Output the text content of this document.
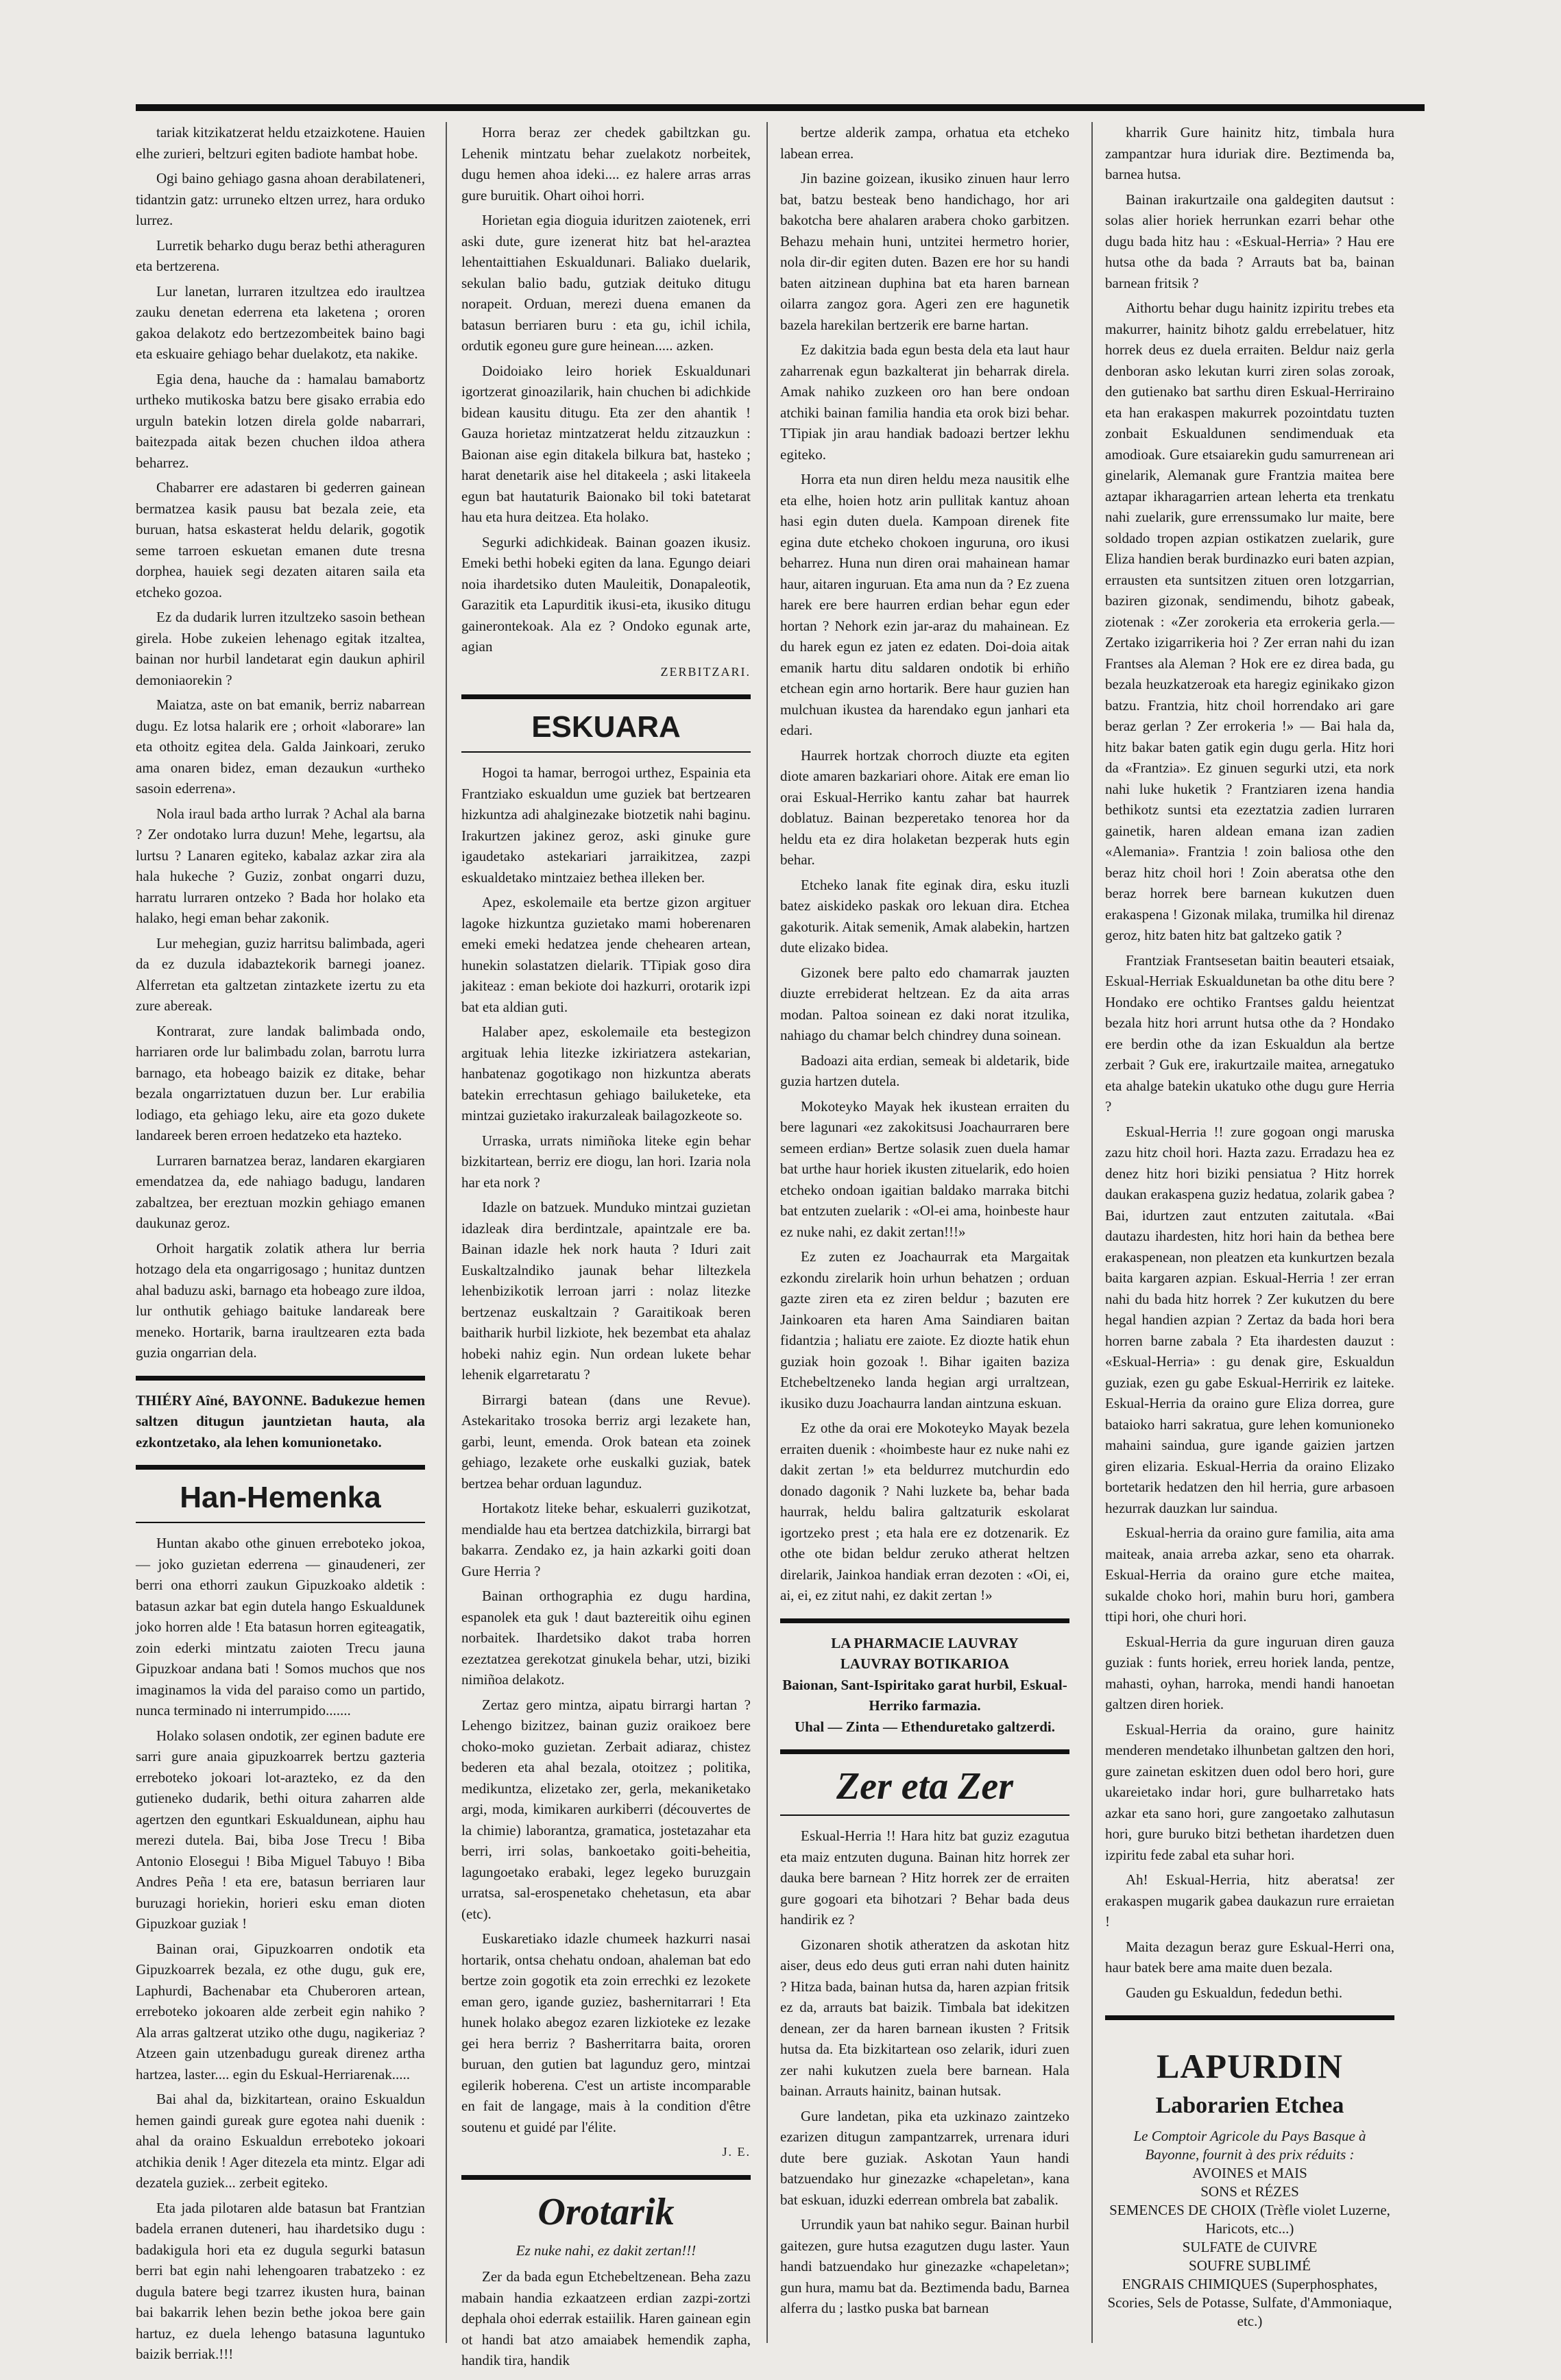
tariak kitzikatzerat heldu etzaizkotene. Hauien elhe zurieri, beltzuri egiten badiote hambat hobe.

Ogi baino gehiago gasna ahoan derabilateneri, tidantzin gatz: urruneko eltzen urrez, hara orduko lurrez.

Lurretik beharko dugu beraz bethi atheraguren eta bertzerena.

Lur lanetan, lurraren itzultzea edo iraultzea zauku denetan ederrena eta laketena ; ororen gakoa delakotz edo bertzezombeitek baino bagi eta eskuaire gehiago behar duelakotz, eta nakike.

Egia dena, hauche da : hamalau bamabortz urtheko mutikoska batzu bere gisako errabia edo urguln batekin lotzen direla golde nabarrari, baitezpada aitak bezen chuchen ildoa athera beharrez.

Chabarrer ere adastaren bi gederren gainean bermatzea kasik pausu bat bezala zeie, eta buruan, hatsa eskasterat heldu delarik, gogotik seme tarroen eskuetan emanen dute tresna dorphea, hauiek segi dezaten aitaren saila eta etcheko gozoa.

Ez da dudarik lurren itzultzeko sasoin bethean girela. Hobe zukeien lehenago egitak itzaltea, bainan nor hurbil landetarat egin daukun aphiril demoniaorekin ?

Maiatza, aste on bat emanik, berriz nabarrean dugu. Ez lotsa halarik ere ; orhoit «laborare» lan eta othoitz egitea dela. Galda Jainkoari, zeruko ama onaren bidez, eman dezaukun «urtheko sasoin ederrena».

Nola iraul bada artho lurrak ? Achal ala barna ? Zer ondotako lurra duzun! Mehe, legartsu, ala lurtsu ? Lanaren egiteko, kabalaz azkar zira ala hala hukeche ? Guziz, zonbat ongarri duzu, harratu lurraren ontzeko ? Bada hor holako eta halako, hegi eman behar zakonik.

Lur mehegian, guziz harritsu balimbada, ageri da ez duzula idabaztekorik barnegi joanez. Alferretan eta galtzetan zintazkete izertu zu eta zure abereak.

Kontrarat, zure landak balimbada ondo, harriaren orde lur balimbadu zolan, barrotu lurra barnago, eta hobeago baizik ez ditake, behar bezala ongarriztatuen duzun ber. Lur erabilia lodiago, eta gehiago leku, aire eta gozo dukete landareek beren erroen hedatzeko eta hazteko.

Lurraren barnatzea beraz, landaren ekargiaren emendatzea da, ede nahiago badugu, landaren zabaltzea, ber ereztuan mozkin gehiago emanen daukunaz geroz.

Orhoit hargatik zolatik athera lur berria hotzago dela eta ongarrigosago ; hunitaz duntzen ahal baduzu aski, barnago eta hobeago zure ildoa, lur onthutik gehiago baituke landareak bere meneko. Hortarik, barna iraultzearen ezta bada guzia ongarrian dela.

THIÉRY Aîné, BAYONNE. Badukezue hemen saltzen ditugun jauntzietan hauta, ala ezkontzetako, ala lehen komunionetako.

Han-Hemenka

Huntan akabo othe ginuen erreboteko jokoa, — joko guzietan ederrena — ginaudeneri, zer berri ona ethorri zaukun Gipuzkoako aldetik : batasun azkar bat egin dutela hango Eskualdunek joko horren alde ! Eta batasun horren egiteagatik, zoin ederki mintzatu zaioten Trecu jauna Gipuzkoar andana bati ! Somos muchos que nos imaginamos la vida del paraiso como un partido, nunca terminado ni interrumpido.......

Holako solasen ondotik, zer eginen badute ere sarri gure anaia gipuzkoarrek bertzu gazteria erreboteko jokoari lot-arazteko, ez da den gutieneko dudarik, bethi oitura zaharren alde agertzen den eguntkari Eskualdunean, aiphu hau merezi dutela. Bai, biba Jose Trecu ! Biba Antonio Elosegui ! Biba Miguel Tabuyo ! Biba Andres Peña ! eta ere, batasun berriaren laur buruzagi horiekin, horieri esku eman dioten Gipuzkoar guziak !

Bainan orai, Gipuzkoarren ondotik eta Gipuzkoarrek bezala, ez othe dugu, guk ere, Laphurdi, Bachenabar eta Chuberoren artean, erreboteko jokoaren alde zerbeit egin nahiko ? Ala arras galtzerat utziko othe dugu, nagikeriaz ? Atzeen gain utzenbadugu gureak direnez artha hartzea, laster.... egin du Eskual-Herriarenak.....

Bai ahal da, bizkitartean, oraino Eskualdun hemen gaindi gureak gure egotea nahi duenik : ahal da oraino Eskualdun erreboteko jokoari atchikia denik ! Ager ditezela eta mintz. Elgar adi dezatela guziek... zerbeit egiteko.

Eta jada pilotaren alde batasun bat Frantzian badela erranen duteneri, hau ihardetsiko dugu : badakigula hori eta ez dugula segurki batasun berri bat egin nahi lehengoaren trabatzeko : ez dugula batere begi tzarrez ikusten hura, bainan bai bakarrik lehen bezin bethe jokoa bere gain hartuz, ez duela lehengo batasuna laguntuko baizik berriak.!!!

Horra beraz zer chedek gabiltzkan gu. Lehenik mintzatu behar zuelakotz norbeitek, dugu hemen ahoa ideki.... ez halere arras arras gure buruitik. Ohart oihoi horri.

Horietan egia dioguia iduritzen zaiotenek, erri aski dute, gure izenerat hitz bat hel-araztea lehentaittiahen Eskualdunari. Baliako duelarik, sekulan balio badu, gutziak deituko ditugu norapeit. Orduan, merezi duena emanen da batasun berriaren buru : eta gu, ichil ichila, ordutik egoneu gure gure heinean..... azken.

Doidoiako leiro horiek Eskualdunari igortzerat ginoazilarik, hain chuchen bi adichkide bidean kausitu ditugu. Eta zer den ahantik ! Gauza horietaz mintzatzerat heldu zitzauzkun : Baionan aise egin ditakela bilkura bat, hasteko ; harat denetarik aise hel ditakeela ; aski litakeela egun bat hautaturik Baionako bil toki batetarat hau eta hura deitzea. Eta holako.

Segurki adichkideak. Bainan goazen ikusiz. Emeki bethi hobeki egiten da lana. Egungo deiari noia ihardetsiko duten Mauleitik, Donapaleotik, Garazitik eta Lapurditik ikusi-eta, ikusiko ditugu gainerontekoak. Ala ez ? Ondoko egunak arte, agian

ZERBITZARI.

ESKUARA

Hogoi ta hamar, berrogoi urthez, Espainia eta Frantziako eskualdun ume guziek bat bertzearen hizkuntza adi ahalginezake biotzetik nahi baginu. Irakurtzen jakinez geroz, aski ginuke gure igaudetako astekariari jarraikitzea, zazpi eskualdetako mintzaiez bethea illeken ber.

Apez, eskolemaile eta bertze gizon argituer lagoke hizkuntza guzietako mami hoberenaren emeki emeki hedatzea jende chehearen artean, hunekin solastatzen dielarik. TTipiak goso dira jakiteaz : eman bekiote doi hazkurri, orotarik izpi bat eta aldian guti.

Halaber apez, eskolemaile eta bestegizon argituak lehia litezke izkiriatzera astekarian, hanbatenaz gogotikago non hizkuntza aberats batekin errechtasun gehiago bailuketeke, eta mintzai guzietako irakurzaleak bailagozkeote so.

Urraska, urrats nimiñoka liteke egin behar bizkitartean, berriz ere diogu, lan hori. Izaria nola har eta nork ?

Idazle on batzuek. Munduko mintzai guzietan idazleak dira berdintzale, apaintzale ere ba. Bainan idazle hek nork hauta ? Iduri zait Euskaltzalndiko jaunak behar liltezkela lehenbizikotik lerroan jarri : nolaz litezke bertzenaz euskaltzain ? Garaitikoak beren baitharik hurbil lizkiote, hek bezembat eta ahalaz hobeki nahiz egin. Nun ordean lukete behar lehenik elgarretaratu ?

Birrargi batean (dans une Revue). Astekaritako trosoka berriz argi lezakete han, garbi, leunt, emenda. Orok batean eta zoinek gehiago, lezakete orhe euskalki guziak, batek bertzea behar orduan lagunduz.

Hortakotz liteke behar, eskualerri guzikotzat, mendialde hau eta bertzea datchizkila, birrargi bat bakarra. Zendako ez, ja hain azkarki goiti doan Gure Herria ?

Bainan orthographia ez dugu hardina, espanolek eta guk ! daut baztereitik oihu eginen norbaitek. Ihardetsiko dakot traba horren ezeztatzea gerekotzat ginukela behar, utzi, biziki nimiñoa delakotz.

Zertaz gero mintza, aipatu birrargi hartan ? Lehengo bizitzez, bainan guziz oraikoez bere choko-moko guzietan. Zerbait adiaraz, chistez bederen eta ahal bezala, otoitzez ; politika, medikuntza, elizetako zer, gerla, mekaniketako argi, moda, kimikaren aurkiberri (découvertes de la chimie) laborantza, gramatica, jostetazahar eta berri, irri solas, bankoetako goiti-beheitia, lagungoetako erabaki, legez legeko buruzgain urratsa, sal-erospenetako chehetasun, eta abar (etc).

Euskaretiako idazle chumeek hazkurri nasai hortarik, ontsa chehatu ondoan, ahaleman bat edo bertze zoin gogotik eta zoin errechki ez lezokete eman gero, igande guziez, bashernitarrari ! Eta hunek holako abegoz ezaren lizkioteke ez lezake gei hera berriz ? Basherritarra baita, ororen buruan, den gutien bat lagunduz gero, mintzai egilerik hoberena. C'est un artiste incomparable en fait de langage, mais à la condition d'être soutenu et guidé par l'élite.

J. E.

Orotarik

Ez nuke nahi, ez dakit zertan!!!

Zer da bada egun Etchebeltzenean. Beha zazu mabain handia ezkaatzeen erdian zazpi-zortzi dephala ohoi ederrak estaiilik. Haren gainean egin ot handi bat atzo amaiabek hemendik zapha, handik tira, handik

bertze alderik zampa, orhatua eta etcheko labean errea.

Jin bazine goizean, ikusiko zinuen haur lerro bat, batzu besteak beno handichago, hor ari bakotcha bere ahalaren arabera choko garbitzen. Behazu mehain huni, untzitei hermetro horier, nola dir-dir egiten duten. Bazen ere hor su handi baten aitzinean duphina bat eta haren barnean oilarra zangoz gora. Ageri zen ere hagunetik bazela harekilan bertzerik ere barne hartan.

Ez dakitzia bada egun besta dela eta laut haur zaharrenak egun bazkalterat jin beharrak direla. Amak nahiko zuzkeen oro han bere ondoan atchiki bainan familia handia eta orok bizi behar. TTipiak jin arau handiak badoazi bertzer lekhu egiteko.

Horra eta nun diren heldu meza nausitik elhe eta elhe, hoien hotz arin pullitak kantuz ahoan hasi egin duten duela. Kampoan direnek fite egina dute etcheko chokoen inguruna, oro ikusi beharrez. Huna nun diren orai mahainean hamar haur, aitaren inguruan. Eta ama nun da ? Ez zuena harek ere bere haurren erdian behar egun eder hortan ? Nehork ezin jar-araz du mahainean. Ez du harek egun ez jaten ez edaten. Doi-doia aitak emanik hartu ditu saldaren ondotik bi erhiño etchean egin arno hortarik. Bere haur guzien han mulchuan ikustea da harendako egun janhari eta edari.

Haurrek hortzak chorroch diuzte eta egiten diote amaren bazkariari ohore. Aitak ere eman lio orai Eskual-Herriko kantu zahar bat haurrek doblatuz. Bainan bezperetako tenorea hor da heldu eta ez dira holaketan bezperak huts egin behar.

Etcheko lanak fite eginak dira, esku ituzli batez aiskideko paskak oro lekuan dira. Etchea gakoturik. Aitak semenik, Amak alabekin, hartzen dute elizako bidea.

Gizonek bere palto edo chamarrak jauzten diuzte errebiderat heltzean. Ez da aita arras modan. Paltoa soinean ez daki norat itzulika, nahiago du chamar belch chindrey duna soinean.

Badoazi aita erdian, semeak bi aldetarik, bide guzia hartzen dutela.

Mokoteyko Mayak hek ikustean erraiten du bere lagunari «ez zakokitsusi Joachaurraren bere semeen erdian» Bertze solasik zuen duela hamar bat urthe haur horiek ikusten zituelarik, edo hoien etcheko ondoan igaitian baldako marraka bitchi bat entzuten zuelarik : «Ol-ei ama, hoinbeste haur ez nuke nahi, ez dakit zertan!!!»

Ez zuten ez Joachaurrak eta Margaitak ezkondu zirelarik hoin urhun behatzen ; orduan gazte ziren eta ez ziren beldur ; bazuten ere Jainkoaren eta haren Ama Saindiaren baitan fidantzia ; haliatu ere zaiote. Ez diozte hatik ehun guziak hoin gozoak !. Bihar igaiten baziza Etchebeltzeneko landa hegian argi urraltzean, ikusiko duzu Joachaurra landan aintzuna eskuan.

Ez othe da orai ere Mokoteyko Mayak bezela erraiten duenik : «hoimbeste haur ez nuke nahi ez dakit zertan !» eta beldurrez mutchurdin edo donado dagonik ? Nahi luzkete ba, behar bada haurrak, heldu balira galtzaturik eskolarat igortzeko prest ; eta hala ere ez dotzenarik. Ez othe ote bidan beldur zeruko atherat heltzen direlarik, Jainkoa handiak erran dezoten : «Oi, ei, ai, ei, ez zitut nahi, ez dakit zertan !»

LA PHARMACIE LAUVRAY

LAUVRAY BOTIKARIOA

Baionan, Sant-Ispiritako garat hurbil, Eskual-Herriko farmazia.

Uhal — Zinta — Ethenduretako galtzerdi.

Zer eta Zer

Eskual-Herria !! Hara hitz bat guziz ezagutua eta maiz entzuten duguna. Bainan hitz horrek zer dauka bere barnean ? Hitz horrek zer de erraiten gure gogoari eta bihotzari ? Behar bada deus handirik ez ?

Gizonaren shotik atheratzen da askotan hitz aiser, deus edo deus guti erran nahi duten hainitz ? Hitza bada, bainan hutsa da, haren azpian fritsik ez da, arrauts bat baizik. Timbala bat idekitzen denean, zer da haren barnean ikusten ? Fritsik hutsa da. Eta bizkitartean oso zelarik, iduri zuen zer nahi kukutzen zuela bere barnean. Hala bainan. Arrauts hainitz, bainan hutsak.

Gure landetan, pika eta uzkinazo zaintzeko ezarizen ditugun zampantzarrek, urrenara iduri dute bere guziak. Askotan Yaun handi batzuendako hur ginezazke «chapeletan», kana bat eskuan, iduzki ederrean ombrela bat zabalik.

Urrundik yaun bat nahiko segur. Bainan hurbil gaitezen, gure hutsa ezagutzen dugu laster. Yaun handi batzuendako hur ginezazke «chapeletan»; gun hura, mamu bat da. Beztimenda badu, Barnea alferra du ; lastko puska bat barnean

kharrik Gure hainitz hitz, timbala hura zampantzar hura iduriak dire. Beztimenda ba, barnea hutsa.

Bainan irakurtzaile ona galdegiten dautsut : solas alier horiek herrunkan ezarri behar othe dugu bada hitz hau : «Eskual-Herria» ? Hau ere hutsa othe da bada ? Arrauts bat ba, bainan barnean fritsik ?

Aithortu behar dugu hainitz izpiritu trebes eta makurrer, hainitz bihotz galdu errebelatuer, hitz horrek deus ez duela erraiten. Beldur naiz gerla denboran asko lekutan kurri ziren solas zoroak, den gutienako bat sarthu diren Eskual-Herriraino eta han erakaspen makurrek pozointdatu tuzten zonbait Eskualdunen sendimenduak eta amodioak. Gure etsaiarekin gudu samurrenean ari ginelarik, Alemanak gure Frantzia maitea bere aztapar ikharagarrien artean leherta eta trenkatu nahi zuelarik, gure errenssumako lur maite, bere soldado tropen azpian ostikatzen zuelarik, gure Eliza handien berak burdinazko euri baten azpian, errausten eta suntsitzen zituen oren lotzgarrian, baziren gizonak, sendimendu, bihotz gabeak, ziotenak : «Zer zorokeria eta errokeria gerla.— Zertako izigarrikeria hoi ? Zer erran nahi du izan Frantses ala Aleman ? Hok ere ez direa bada, gu bezala heuzkatzeroak eta haregiz eginikako gizon batzu. Frantzia, hitz choil horrendako ari gare beraz gerlan ? Zer errokeria !» — Bai hala da, hitz bakar baten gatik egin dugu gerla. Hitz hori da «Frantzia». Ez ginuen segurki utzi, eta nork nahi luke huketik ? Frantziaren izena handia bethikotz suntsi eta ezeztatzia zadien lurraren gainetik, haren aldean emana izan zadien «Alemania». Frantzia ! zoin baliosa othe den beraz hitz choil hori ! Zoin aberatsa othe den beraz horrek bere barnean kukutzen duen erakaspena ! Gizonak milaka, trumilka hil direnaz geroz, hitz baten hitz bat galtzeko gatik ?

Frantziak Frantsesetan baitin beauteri etsaiak, Eskual-Herriak Eskualdunetan ba othe ditu bere ? Hondako ere ochtiko Frantses galdu heientzat bezala hitz hori arrunt hutsa othe da ? Hondako ere berdin othe da izan Eskualdun ala bertze zerbait ? Guk ere, irakurtzaile maitea, arnegatuko eta ahalge batekin ukatuko othe dugu gure Herria ?

Eskual-Herria !! zure gogoan ongi maruska zazu hitz choil hori. Hazta zazu. Erradazu hea ez denez hitz hori biziki pensiatua ? Hitz horrek daukan erakaspena guziz hedatua, zolarik gabea ? Bai, idurtzen zaut entzuten zaitutala. «Bai dautazu ihardesten, hitz hori hain da bethea bere erakaspenean, non pleatzen eta kunkurtzen bezala baita kargaren azpian. Eskual-Herria ! zer erran nahi du bada hitz horrek ? Zer kukutzen du bere hegal handien azpian ? Zertaz da bada hori bera horren barne zabala ? Eta ihardesten dauzut : «Eskual-Herria» : gu denak gire, Eskualdun guziak, ezen gu gabe Eskual-Herririk ez laiteke. Eskual-Herria da oraino gure Eliza dorrea, gure bataioko harri sakratua, gure lehen komunioneko mahaini saindua, gure igande gaizien jartzen giren elizaria. Eskual-Herria da oraino Elizako bortetarik hedatzen den hil herria, gure arbasoen hezurrak dauzkan lur saindua.

Eskual-herria da oraino gure familia, aita ama maiteak, anaia arreba azkar, seno eta oharrak. Eskual-Herria da oraino gure etche maitea, sukalde choko hori, mahin buru hori, gambera ttipi hori, ohe churi hori.

Eskual-Herria da gure inguruan diren gauza guziak : funts horiek, erreu horiek landa, pentze, mahasti, oyhan, harroka, mendi handi hanoetan galtzen diren horiek.

Eskual-Herria da oraino, gure hainitz menderen mendetako ilhunbetan galtzen den hori, gure zainetan eskitzen duen odol bero hori, gure ukareietako indar hori, gure bulharretako hats azkar eta sano hori, gure zangoetako zalhutasun hori, gure buruko bitzi bethetan ihardetzen duen izpiritu fede zabal eta suhar hori.

Ah! Eskual-Herria, hitz aberatsa! zer erakaspen mugarik gabea daukazun rure erraietan !

Maita dezagun beraz gure Eskual-Herri ona, haur batek bere ama maite duen bezala.

Gauden gu Eskualdun, fededun bethi.

LAPURDIN
Laborarien Etchea
Le Comptoir Agricole du Pays Basque à Bayonne, fournit à des prix réduits :
AVOINES et MAIS
SONS et RÉZES
SEMENCES DE CHOIX (Trèfle violet Luzerne, Haricots, etc...)
SULFATE de CUIVRE
SOUFRE SUBLIMÉ
ENGRAIS CHIMIQUES (Superphosphates, Scories, Sels de Potasse, Sulfate, d'Ammoniaque, etc.)
